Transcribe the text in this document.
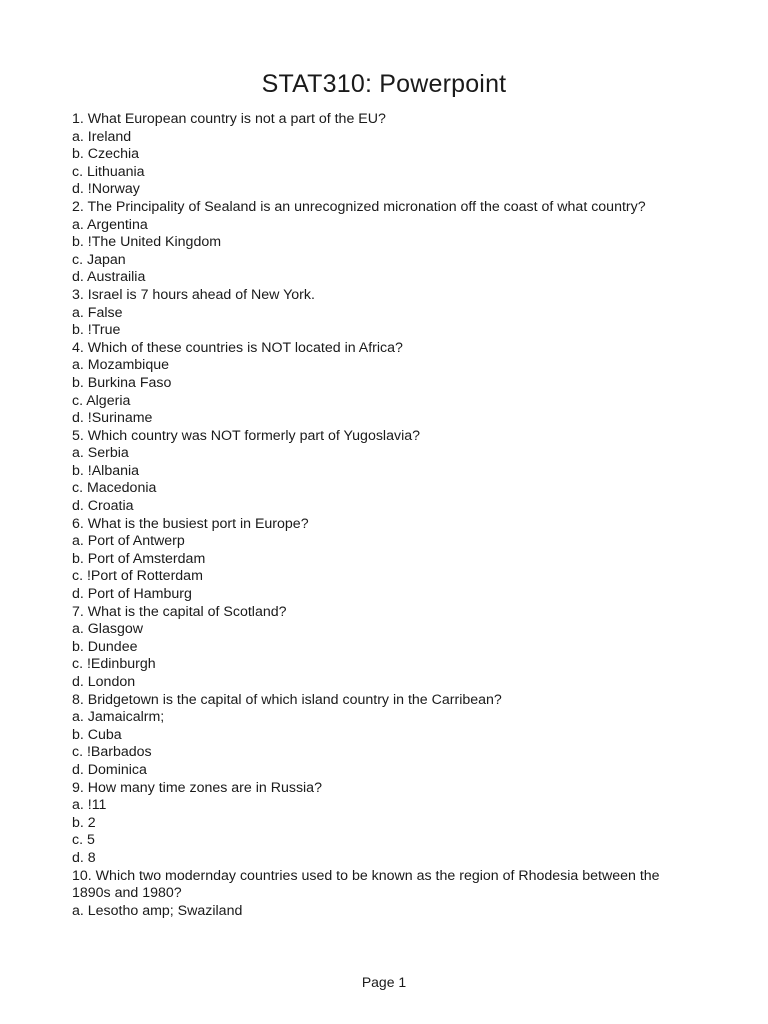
STAT310: Powerpoint

1. What European country is not a part of the EU?

a. Ireland

b. Czechia

c. Lithuania

d. !Norway

2. The Principality of Sealand is an unrecognized micronation off the coast of what country?

a. Argentina

b. !The United Kingdom

c. Japan

d. Austrailia

3. Israel is 7 hours ahead of New York.

a. False

b. !True

4. Which of these countries is NOT located in Africa?

a. Mozambique

b. Burkina Faso

c. Algeria

d. !Suriname

5. Which country was NOT formerly part of Yugoslavia?

a. Serbia

b. !Albania

c. Macedonia

d. Croatia

6. What is the busiest port in Europe?

a. Port of Antwerp

b. Port of Amsterdam

c. !Port of Rotterdam

d. Port of Hamburg

7. What is the capital of Scotland?

a. Glasgow

b. Dundee

c. !Edinburgh

d. London

8. Bridgetown is the capital of which island country in the Carribean?

a. Jamaicalrm;

b. Cuba

c. !Barbados

d. Dominica

9. How many time zones are in Russia?

a. !11

b. 2

c. 5

d. 8

10. Which two modernday countries used to be known as the region of Rhodesia between the 1890s and 1980?

a. Lesotho amp; Swaziland

Page 1
